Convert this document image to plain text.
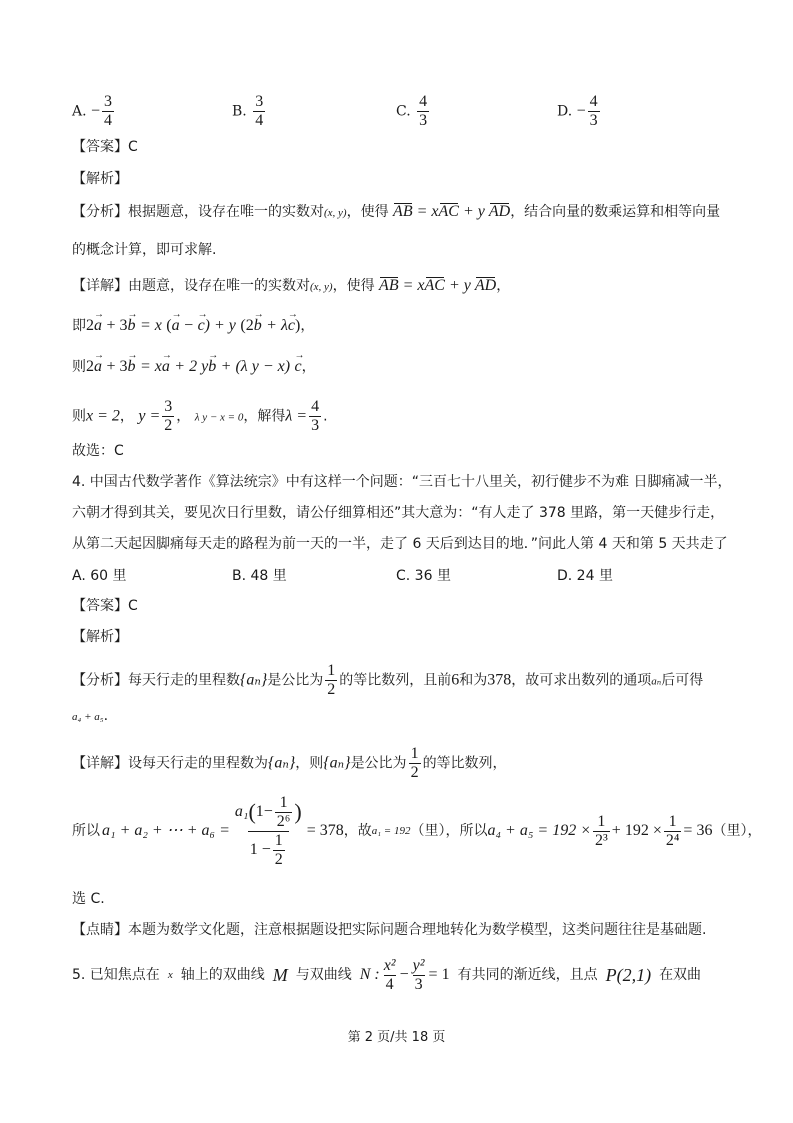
A. − $\frac{3}{4}$	B. $\frac{3}{4}$	C. $\frac{4}{3}$	D. − $\frac{4}{3}$
【答案】C
【解析】
【分析】根据题意，设存在唯一的实数对(x, y)，使得 AB = xAC + y AD，结合向量的数乘运算和相等向量
的概念计算，即可求解.
【详解】由题意，设存在唯一的实数对(x, y)，使得 AB = xAC + y AD，
即2→ a + 3→ b = x (→ a − → c) + y (2→ b + λ→ c)，
则2→ a + 3→ b = x→ a + 2 y→ b + (λ y − x) → c，
则x = 2， $y = \frac{3}{2}$ ， λ y − x = 0，解得$\lambda = \frac{4}{3}$ .
故选：C
4. 中国古代数学著作《算法统宗》中有这样一个问题：“三百七十八里关，初行健步不为难 日脚痛减一半，
六朝才得到其关，要见次日行里数，请公仔细算相还”其大意为：“有人走了 378 里路，第一天健步行走，
从第二天起因脚痛每天走的路程为前一天的一半，走了 6 天后到达目的地．”问此人第 4 天和第 5 天共走了
A. 60 里	B. 48 里	C. 36 里	D. 24 里
【答案】C
【解析】
【分析】每天行走的里程数{aₙ}是公比为 $\frac{1}{2}$ 的等比数列，且前6和为378，故可求出数列的通项aₙ后可得
a₄ + a₅.
【详解】设每天行走的里程数为{aₙ}，则{aₙ}是公比为 $\frac{1}{2}$ 的等比数列，
所以 a₁ + a₂ + ⋯ + $a_6 = \frac{a_1 ( 1 - \frac{1}{\text{2⁶}} )}{1 - \frac{1}{2}} = 378$ ，故 a₁ = 192 （里），所以 $a_4 + a_5 = 192 \times \frac{1}{\text{2³}} + 192 \times \frac{1}{\text{2⁴}} = 36$ （里），
选 C.
【点睛】本题为数学文化题，注意根据题设把实际问题合理地转化为数学模型，这类问题往往是基础题.
5. 已知焦点在 x 轴上的双曲线 M 与双曲线 N : $\frac{\text{x²}}{4} - \frac{\text{y²}}{3} = 1$ 有共同的渐近线，且点 P(2,1) 在双曲
第 2 页/共 18 页
